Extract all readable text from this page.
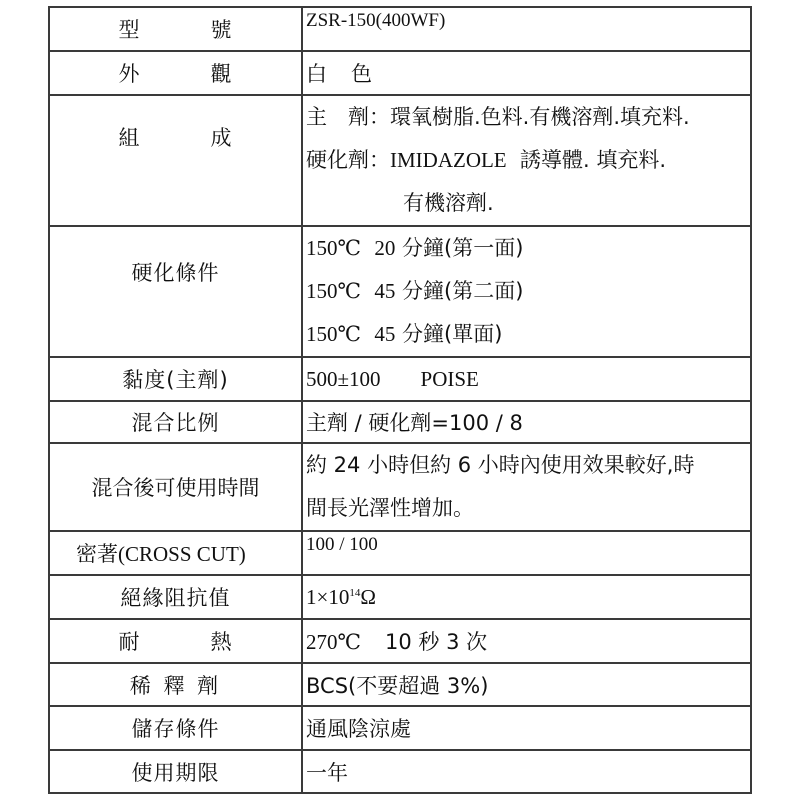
型 號	ZSR-150(400WF)

外 觀	白 色
組 成	主　劑：環氧樹脂.色料.有機溶劑.填充料.
硬化劑：IMIDAZOLE 誘導體. 填充料.
有機溶劑.

硬化條件	150℃ 20 分鐘(第一面)
150℃ 45 分鐘(第二面)
150℃ 45 分鐘(單面)

黏度(主劑)	500±100 POISE
混合比例	主劑 / 硬化劑=100 / 8
混合後可使用時間	約 24 小時但約 6 小時內使用效果較好,時
間長光澤性增加。

密著(CROSS CUT)	100 / 100

絕緣阻抗值	$1\times 10^{14}\Omega$
耐 熱	270℃ 10 秒 3 次
稀 釋 劑	BCS(不要超過 3%)
儲存條件	通風陰涼處
使用期限	一年
